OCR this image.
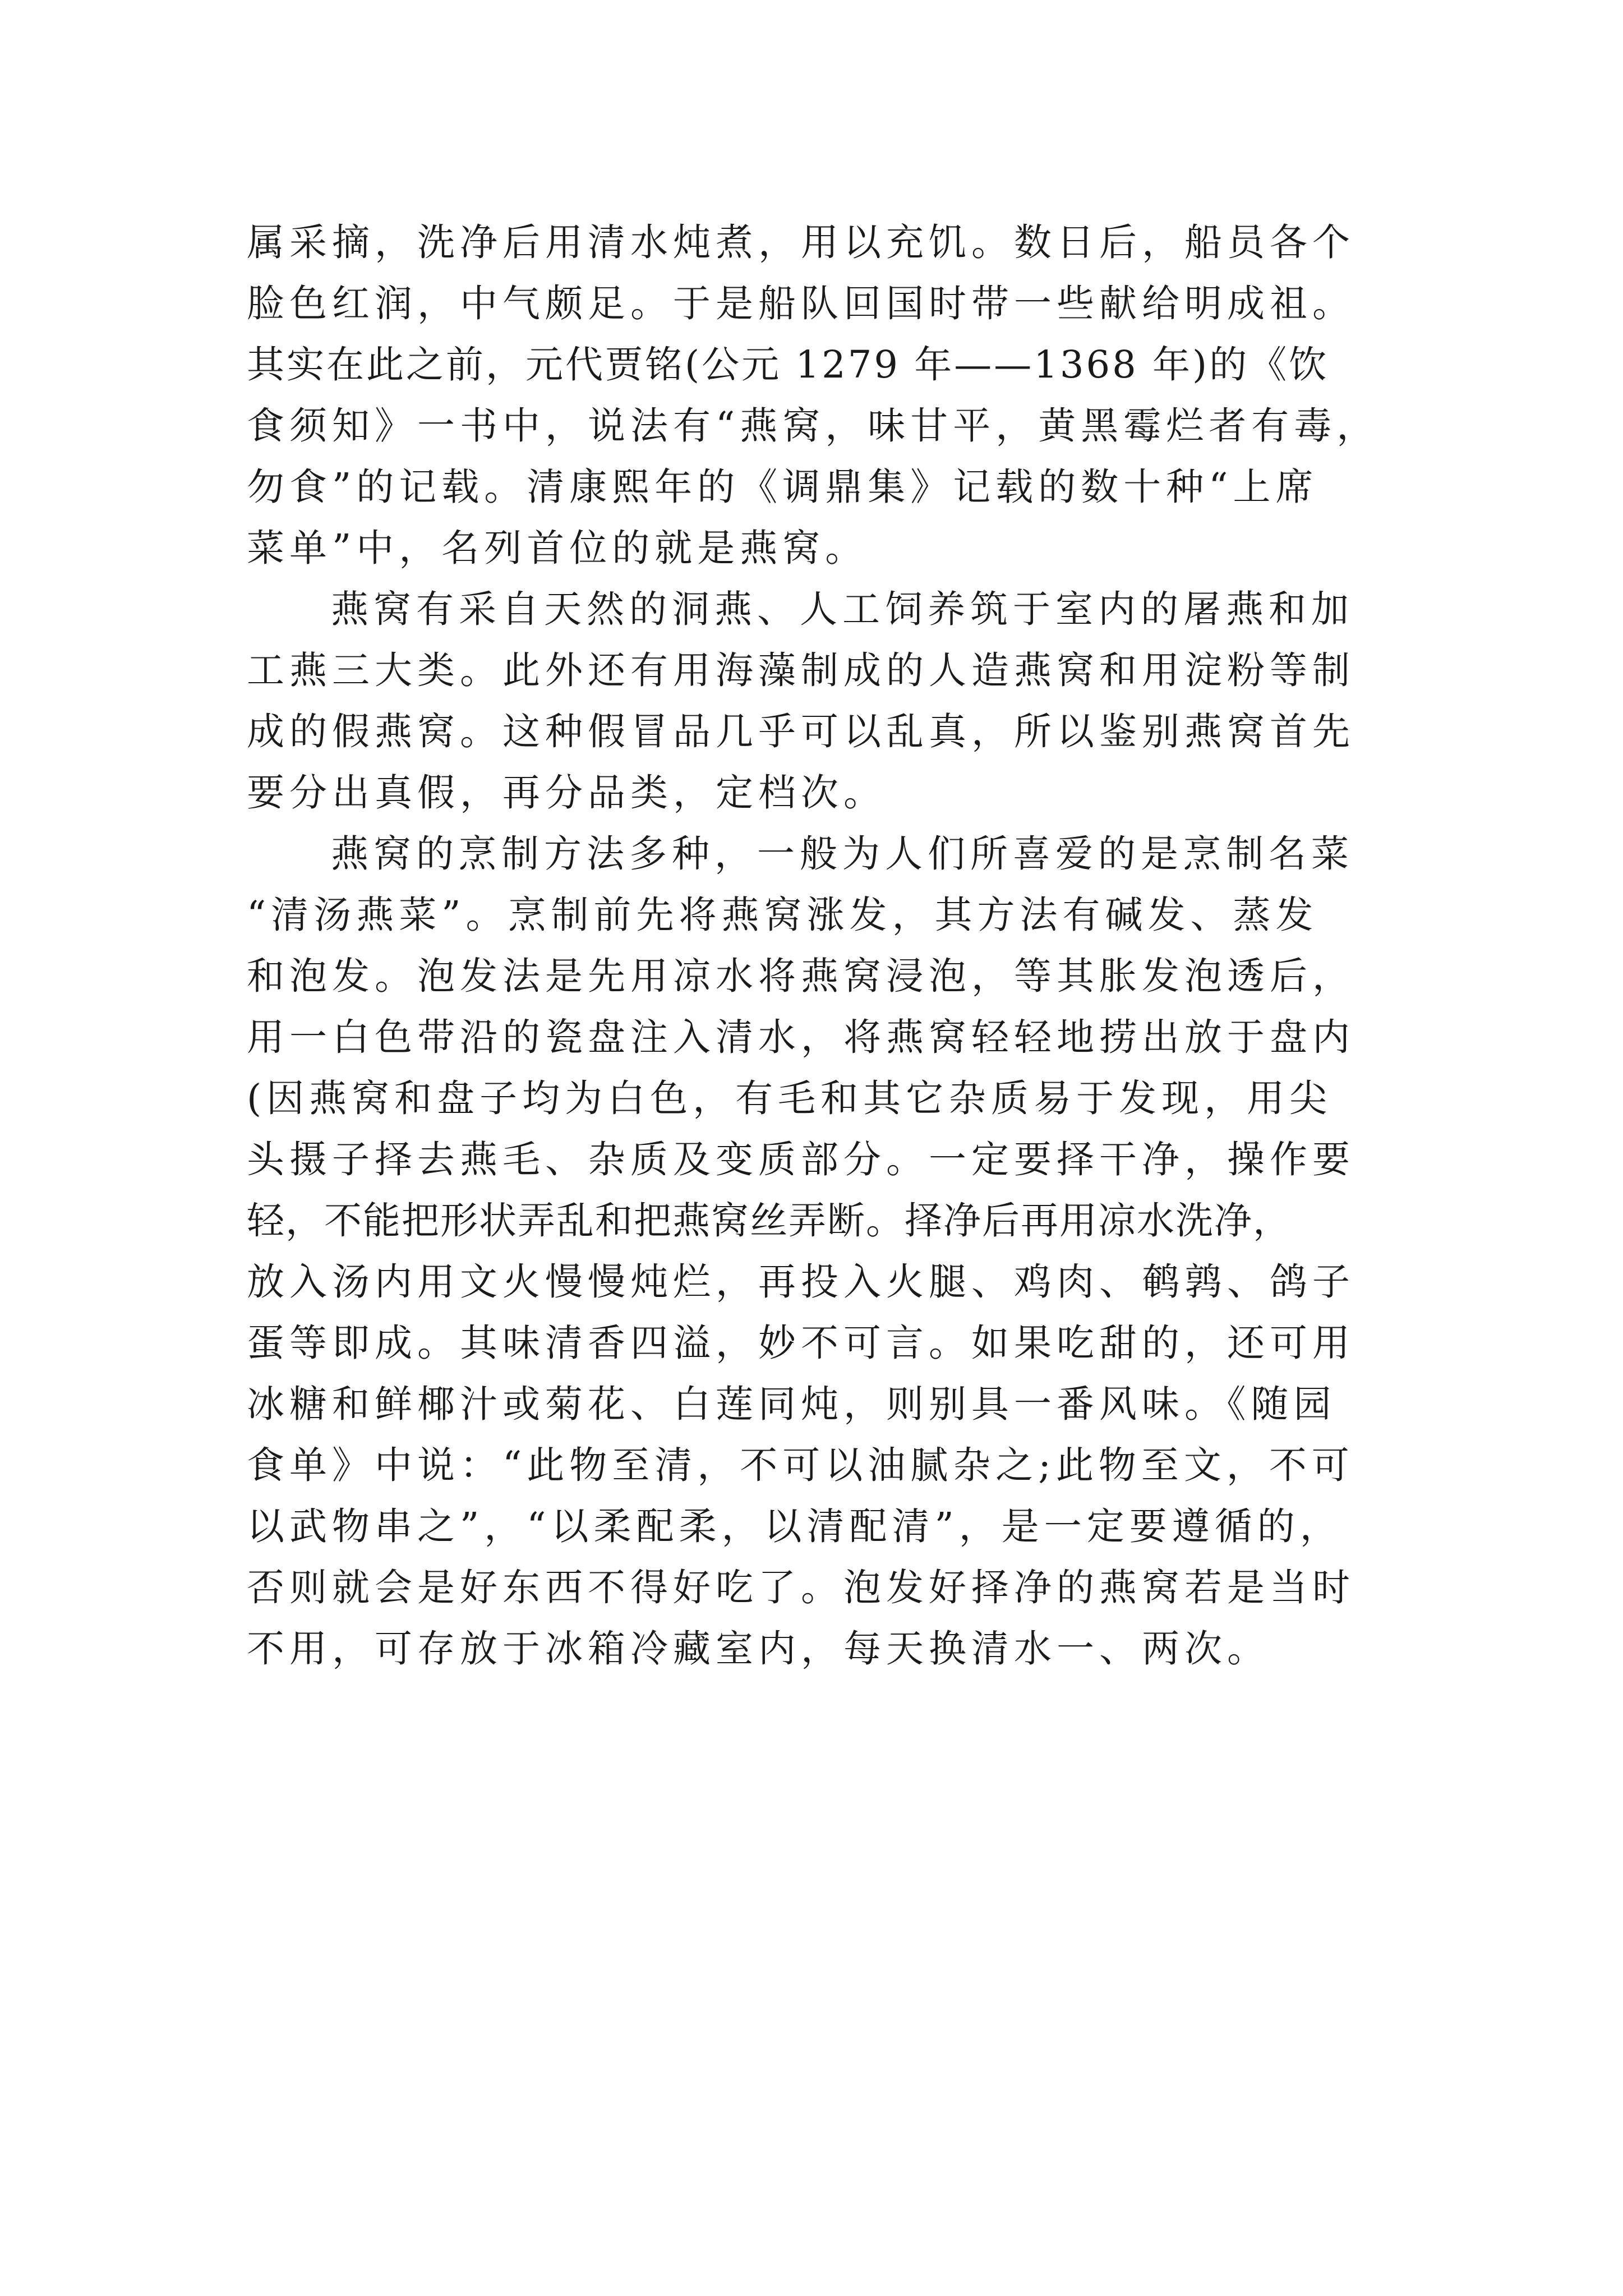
属采摘，洗净后用清水炖煮，用以充饥。数日后，船员各个
脸色红润，中气颇足。于是船队回国时带一些献给明成祖。
其实在此之前，元代贾铭(公元 1279 年——1368 年)的《饮
食须知》一书中，说法有“燕窝，味甘平，黄黑霉烂者有毒，
勿食”的记载。清康熙年的《调鼎集》记载的数十种“上席
菜单”中，名列首位的就是燕窝。
燕窝有采自天然的洞燕、人工饲养筑于室内的屠燕和加
工燕三大类。此外还有用海藻制成的人造燕窝和用淀粉等制
成的假燕窝。这种假冒品几乎可以乱真，所以鉴别燕窝首先
要分出真假，再分品类，定档次。
燕窝的烹制方法多种，一般为人们所喜爱的是烹制名菜
“清汤燕菜”。烹制前先将燕窝涨发，其方法有碱发、蒸发
和泡发。泡发法是先用凉水将燕窝浸泡，等其胀发泡透后，
用一白色带沿的瓷盘注入清水，将燕窝轻轻地捞出放于盘内
(因燕窝和盘子均为白色，有毛和其它杂质易于发现，用尖
头摄子择去燕毛、杂质及变质部分。一定要择干净，操作要
轻，不能把形状弄乱和把燕窝丝弄断。择净后再用凉水洗净，
放入汤内用文火慢慢炖烂，再投入火腿、鸡肉、鹌鹑、鸽子
蛋等即成。其味清香四溢，妙不可言。如果吃甜的，还可用
冰糖和鲜椰汁或菊花、白莲同炖，则别具一番风味。《随园
食单》中说：“此物至清，不可以油腻杂之;此物至文，不可
以武物串之”，“以柔配柔，以清配清”，是一定要遵循的，
否则就会是好东西不得好吃了。泡发好择净的燕窝若是当时
不用，可存放于冰箱冷藏室内，每天换清水一、两次。
